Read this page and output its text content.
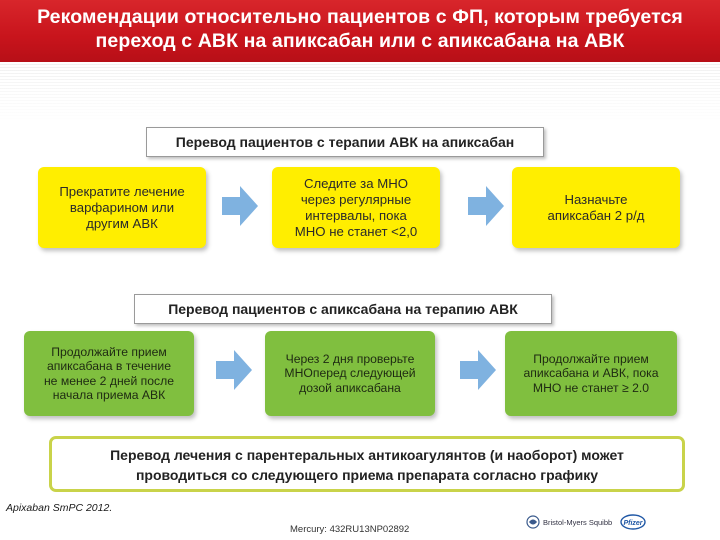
Рекомендации относительно пациентов с ФП, которым требуется
переход с АВК на апиксабан или с апиксабана на АВК
Перевод пациентов с терапии АВК на апиксабан
Прекратите лечение
варфарином или
другим АВК
Следите за МНО
через регулярные
интервалы, пока
МНО не станет <2,0
Назначьте
апиксабан 2 р/д
Перевод пациентов с апиксабана на терапию АВК
Продолжайте прием
апиксабана в течение
не менее 2 дней после
начала приема АВК
Через 2 дня проверьте
МНОперед следующей
дозой апиксабана
Продолжайте прием
апиксабана и АВК, пока
МНО не станет ≥ 2.0
Перевод лечения с парентеральных антикоагулянтов (и наоборот) может
проводиться со следующего приема препарата согласно графику
Apixaban SmPC 2012.
Mercury: 432RU13NP02892
Bristol-Myers Squibb Pfizer
